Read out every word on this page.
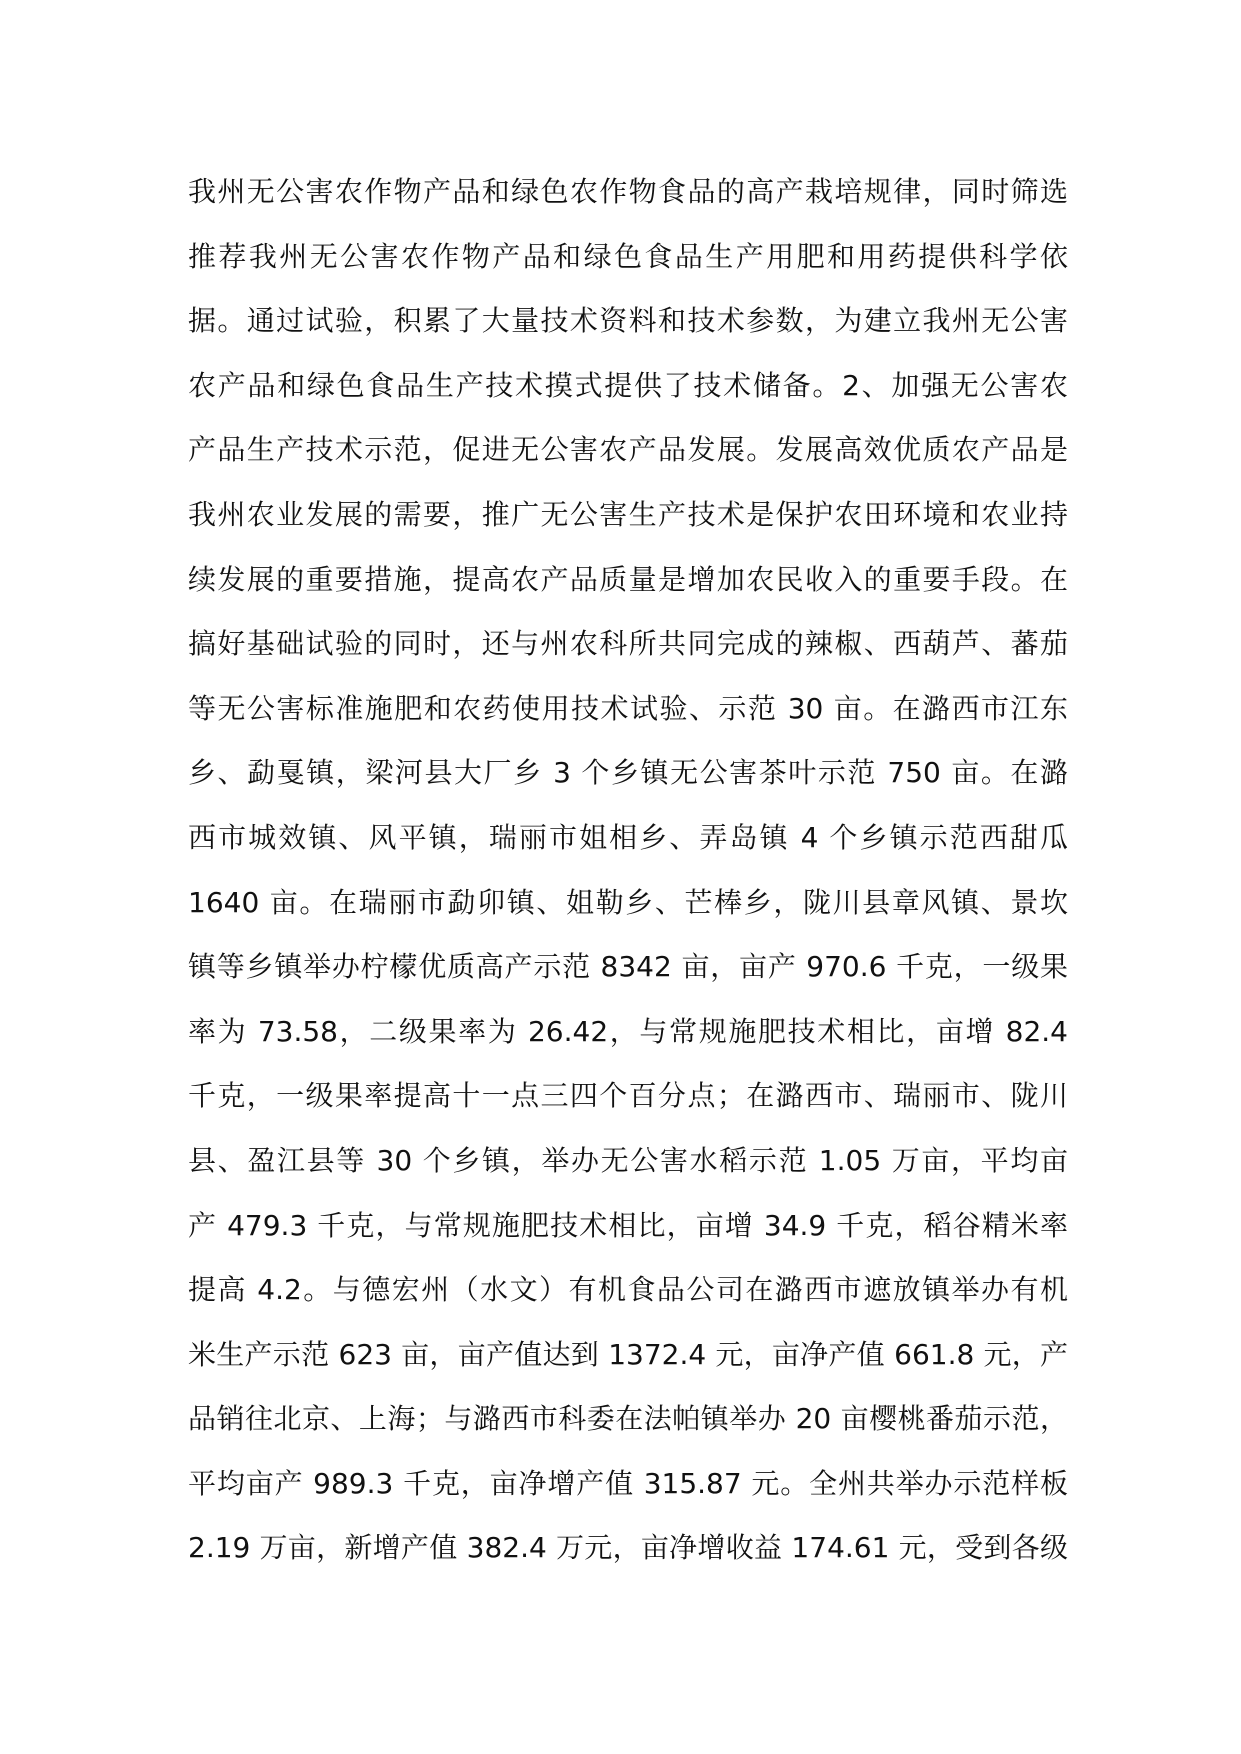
我州无公害农作物产品和绿色农作物食品的高产栽培规律，同时筛选
推荐我州无公害农作物产品和绿色食品生产用肥和用药提供科学依
据。通过试验，积累了大量技术资料和技术参数，为建立我州无公害
农产品和绿色食品生产技术摸式提供了技术储备。2、加强无公害农
产品生产技术示范，促进无公害农产品发展。发展高效优质农产品是
我州农业发展的需要，推广无公害生产技术是保护农田环境和农业持
续发展的重要措施，提高农产品质量是增加农民收入的重要手段。在
搞好基础试验的同时，还与州农科所共同完成的辣椒、西葫芦、蕃茄
等无公害标准施肥和农药使用技术试验、示范 30 亩。在潞西市江东
乡、勐戛镇，梁河县大厂乡 3 个乡镇无公害茶叶示范 750 亩。在潞
西市城效镇、风平镇，瑞丽市姐相乡、弄岛镇 4 个乡镇示范西甜瓜
1640 亩。在瑞丽市勐卯镇、姐勒乡、芒棒乡，陇川县章风镇、景坎
镇等乡镇举办柠檬优质高产示范 8342 亩，亩产 970.6 千克，一级果
率为 73.58，二级果率为 26.42，与常规施肥技术相比，亩增 82.4
千克，一级果率提高十一点三四个百分点；在潞西市、瑞丽市、陇川
县、盈江县等 30 个乡镇，举办无公害水稻示范 1.05 万亩，平均亩
产 479.3 千克，与常规施肥技术相比，亩增 34.9 千克，稻谷精米率
提高 4.2。与德宏州（水文）有机食品公司在潞西市遮放镇举办有机
米生产示范 623 亩，亩产值达到 1372.4 元，亩净产值 661.8 元，产
品销往北京、上海；与潞西市科委在法帕镇举办 20 亩樱桃番茄示范，
平均亩产 989.3 千克，亩净增产值 315.87 元。全州共举办示范样板
2.19 万亩，新增产值 382.4 万元，亩净增收益 174.61 元，受到各级
